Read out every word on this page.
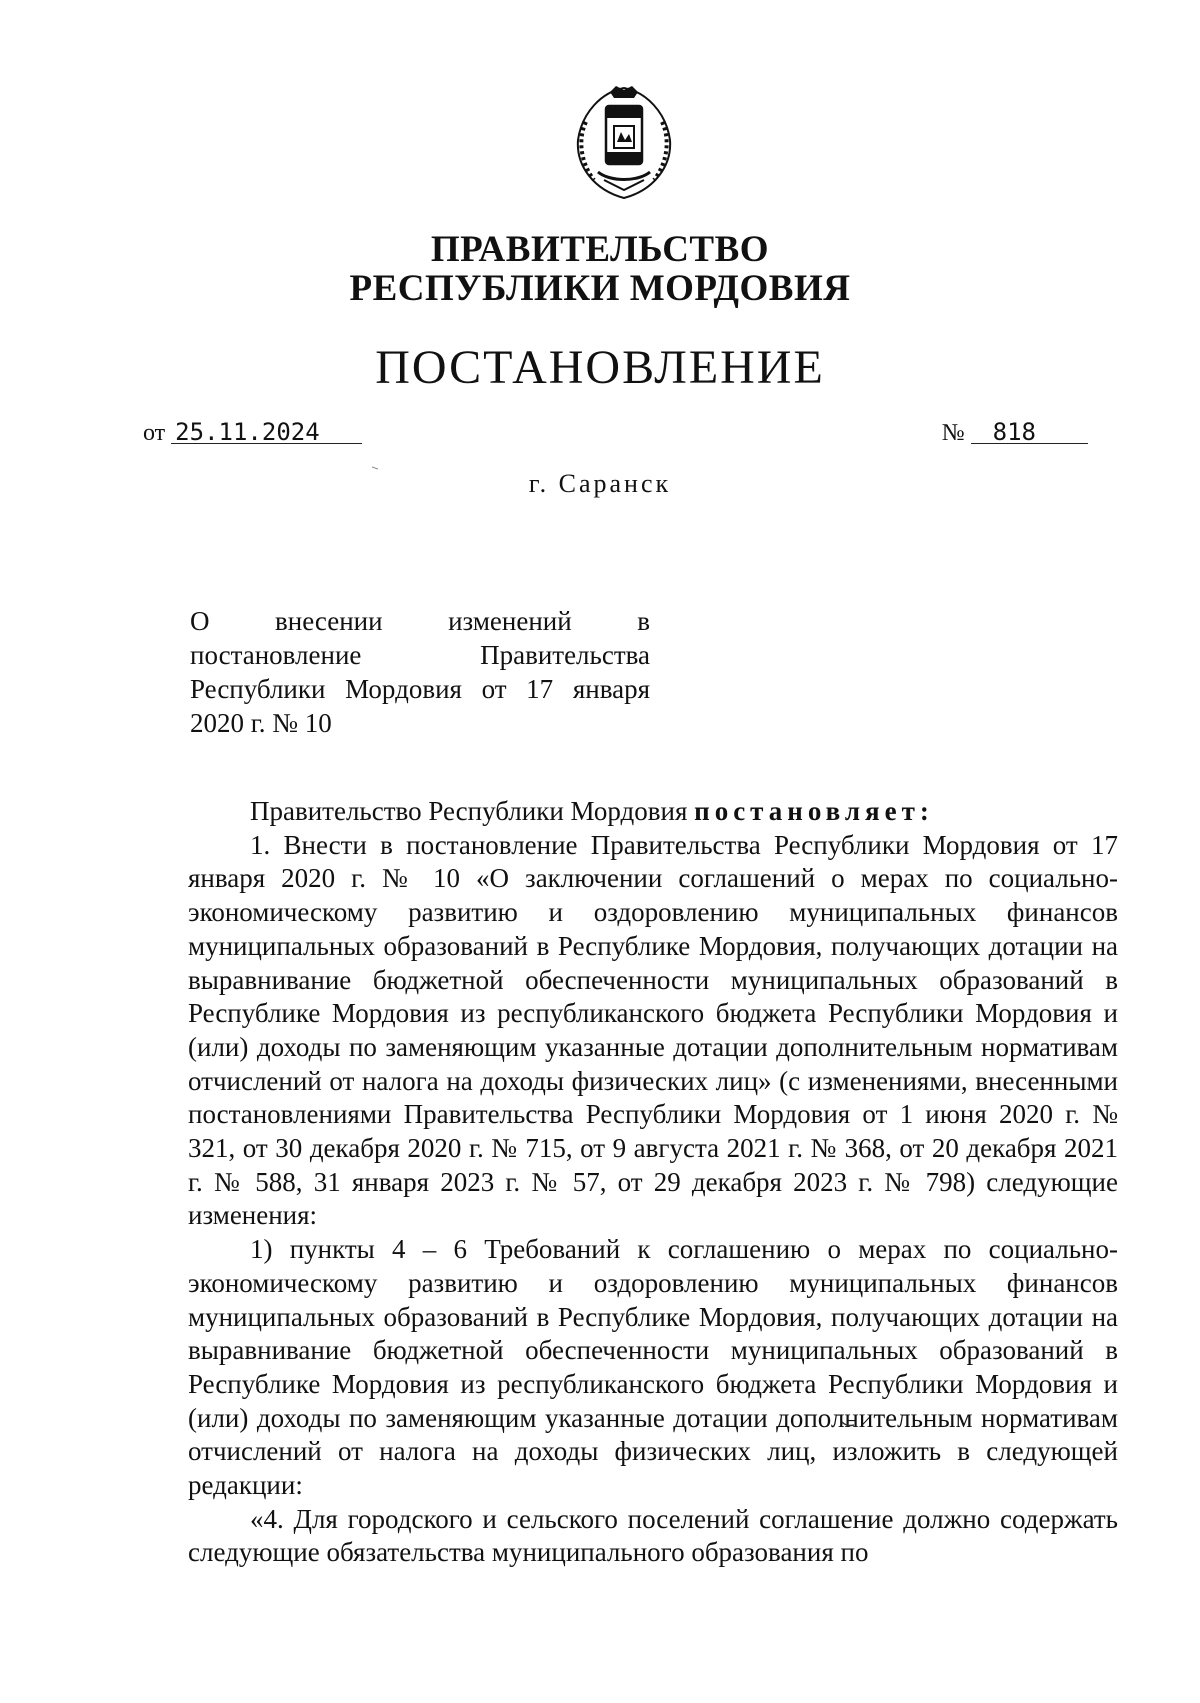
ПРАВИТЕЛЬСТВО
РЕСПУБЛИКИ МОРДОВИЯ
ПОСТАНОВЛЕНИЕ
от 25.11.2024	№ 818
г. Саранск
О внесении изменений в
постановление Правительства
Республики Мордовия от 17 января
2020 г. № 10

Правительство Республики Мордовия постановляет:

1. Внести в постановление Правительства Республики Мордовия от 17 января 2020 г. № 10 «О заключении соглашений о мерах по социально-экономическому развитию и оздоровлению муниципальных финансов муниципальных образований в Республике Мордовия, получающих дотации на выравнивание бюджетной обеспеченности муниципальных образований в Республике Мордовия из республиканского бюджета Республики Мордовия и (или) доходы по заменяющим указанные дотации дополнительным нормативам отчислений от налога на доходы физических лиц» (с изменениями, внесенными постановлениями Правительства Республики Мордовия от 1 июня 2020 г. № 321, от 30 декабря 2020 г. № 715, от 9 августа 2021 г. № 368, от 20 декабря 2021 г. № 588, 31 января 2023 г. № 57, от 29 декабря 2023 г. № 798) следующие изменения:

1) пункты 4 – 6 Требований к соглашению о мерах по социально-экономическому развитию и оздоровлению муниципальных финансов муниципальных образований в Республике Мордовия, получающих дотации на выравнивание бюджетной обеспеченности муниципальных образований в Республике Мордовия из республиканского бюджета Республики Мордовия и (или) доходы по заменяющим указанные дотации дополнительным нормативам отчислений от налога на доходы физических лиц, изложить в следующей редакции:

«4. Для городского и сельского поселений соглашение должно содержать следующие обязательства муниципального образования по
